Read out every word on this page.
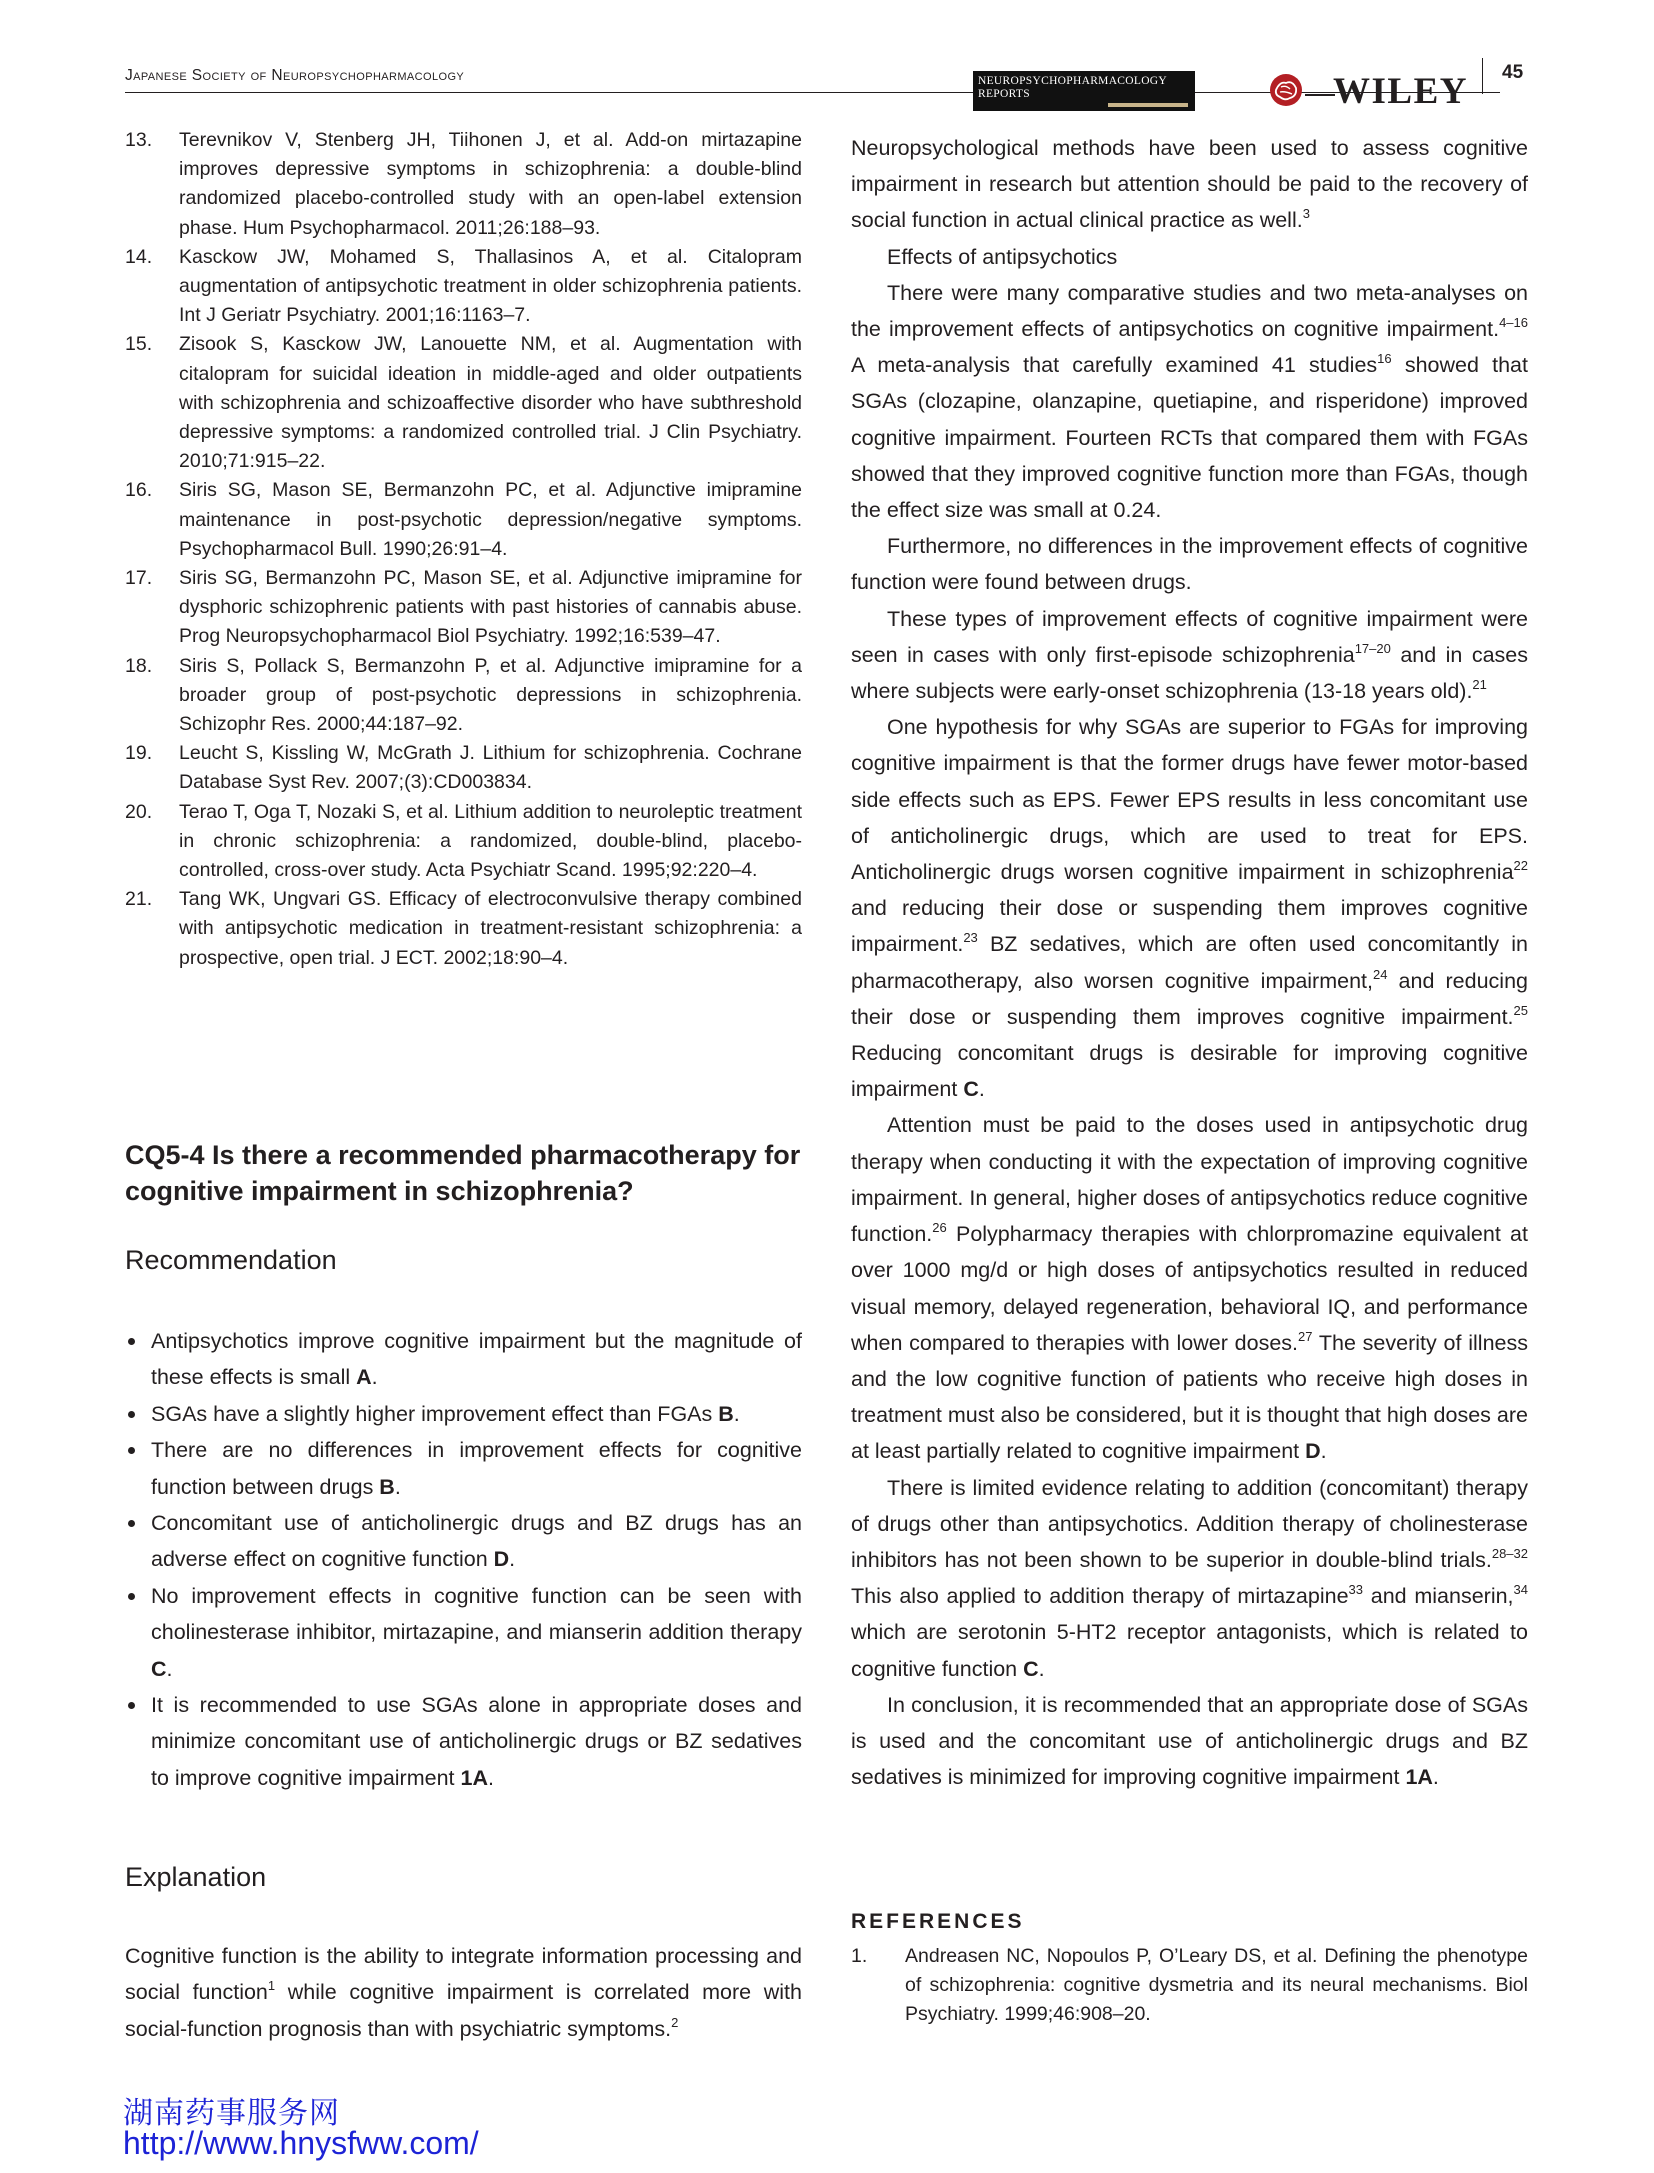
Japanese Society of Neuropsychopharmacology	NEUROPSYCHOPHARMACOLOGY
REPORTS	WILEY 45
13. Terevnikov V, Stenberg JH, Tiihonen J, et al. Add-on mirtazapine improves depressive symptoms in schizophrenia: a double-blind randomized placebo-controlled study with an open-label extension phase. Hum Psychopharmacol. 2011;26:188–93.
14. Kasckow JW, Mohamed S, Thallasinos A, et al. Citalopram augmentation of antipsychotic treatment in older schizophrenia patients. Int J Geriatr Psychiatry. 2001;16:1163–7.
15. Zisook S, Kasckow JW, Lanouette NM, et al. Augmentation with citalopram for suicidal ideation in middle-aged and older outpatients with schizophrenia and schizoaffective disorder who have subthreshold depressive symptoms: a randomized controlled trial. J Clin Psychiatry. 2010;71:915–22.
16. Siris SG, Mason SE, Bermanzohn PC, et al. Adjunctive imipramine maintenance in post-psychotic depression/negative symptoms. Psychopharmacol Bull. 1990;26:91–4.
17. Siris SG, Bermanzohn PC, Mason SE, et al. Adjunctive imipramine for dysphoric schizophrenic patients with past histories of cannabis abuse. Prog Neuropsychopharmacol Biol Psychiatry. 1992;16:539–47.
18. Siris S, Pollack S, Bermanzohn P, et al. Adjunctive imipramine for a broader group of post-psychotic depressions in schizophrenia. Schizophr Res. 2000;44:187–92.
19. Leucht S, Kissling W, McGrath J. Lithium for schizophrenia. Cochrane Database Syst Rev. 2007;(3):CD003834.
20. Terao T, Oga T, Nozaki S, et al. Lithium addition to neuroleptic treatment in chronic schizophrenia: a randomized, double-blind, placebo-controlled, cross-over study. Acta Psychiatr Scand. 1995;92:220–4.
21. Tang WK, Ungvari GS. Efficacy of electroconvulsive therapy combined with antipsychotic medication in treatment-resistant schizophrenia: a prospective, open trial. J ECT. 2002;18:90–4.
CQ5-4 Is there a recommended pharmacotherapy for cognitive impairment in schizophrenia?
Recommendation
Antipsychotics improve cognitive impairment but the magnitude of these effects is small A.
SGAs have a slightly higher improvement effect than FGAs B.
There are no differences in improvement effects for cognitive function between drugs B.
Concomitant use of anticholinergic drugs and BZ drugs has an adverse effect on cognitive function D.
No improvement effects in cognitive function can be seen with cholinesterase inhibitor, mirtazapine, and mianserin addition therapy C.
It is recommended to use SGAs alone in appropriate doses and minimize concomitant use of anticholinergic drugs or BZ sedatives to improve cognitive impairment 1A.
Explanation
Cognitive function is the ability to integrate information processing and social function$^1$ while cognitive impairment is correlated more with social-function prognosis than with psychiatric symptoms.$^2$

Neuropsychological methods have been used to assess cognitive impairment in research but attention should be paid to the recovery of social function in actual clinical practice as well.$^3$

Effects of antipsychotics

There were many comparative studies and two meta-analyses on the improvement effects of antipsychotics on cognitive impairment.$^{4-16}$ A meta-analysis that carefully examined 41 studies$^{16}$ showed that SGAs (clozapine, olanzapine, quetiapine, and risperidone) improved cognitive impairment. Fourteen RCTs that compared them with FGAs showed that they improved cognitive function more than FGAs, though the effect size was small at 0.24.

Furthermore, no differences in the improvement effects of cognitive function were found between drugs.

These types of improvement effects of cognitive impairment were seen in cases with only first-episode schizophrenia$^{17-20}$ and in cases where subjects were early-onset schizophrenia (13-18 years old).$^{21}$

One hypothesis for why SGAs are superior to FGAs for improving cognitive impairment is that the former drugs have fewer motor-based side effects such as EPS. Fewer EPS results in less concomitant use of anticholinergic drugs, which are used to treat for EPS. Anticholinergic drugs worsen cognitive impairment in schizophrenia$^{22}$ and reducing their dose or suspending them improves cognitive impairment.$^{23}$ BZ sedatives, which are often used concomitantly in pharmacotherapy, also worsen cognitive impairment,$^{24}$ and reducing their dose or suspending them improves cognitive impairment.$^{25}$ Reducing concomitant drugs is desirable for improving cognitive impairment C.

Attention must be paid to the doses used in antipsychotic drug therapy when conducting it with the expectation of improving cognitive impairment. In general, higher doses of antipsychotics reduce cognitive function.$^{26}$ Polypharmacy therapies with chlorpromazine equivalent at over 1000 mg/d or high doses of antipsychotics resulted in reduced visual memory, delayed regeneration, behavioral IQ, and performance when compared to therapies with lower doses.$^{27}$ The severity of illness and the low cognitive function of patients who receive high doses in treatment must also be considered, but it is thought that high doses are at least partially related to cognitive impairment D.

There is limited evidence relating to addition (concomitant) therapy of drugs other than antipsychotics. Addition therapy of cholinesterase inhibitors has not been shown to be superior in double-blind trials.$^{28-32}$ This also applied to addition therapy of mirtazapine$^{33}$ and mianserin,$^{34}$ which are serotonin 5-HT2 receptor antagonists, which is related to cognitive function C.

In conclusion, it is recommended that an appropriate dose of SGAs is used and the concomitant use of anticholinergic drugs and BZ sedatives is minimized for improving cognitive impairment 1A.

REFERENCES
1. Andreasen NC, Nopoulos P, O’Leary DS, et al. Defining the phenotype of schizophrenia: cognitive dysmetria and its neural mechanisms. Biol Psychiatry. 1999;46:908–20.
湖南药事服务网
http://www.hnysfww.com/
